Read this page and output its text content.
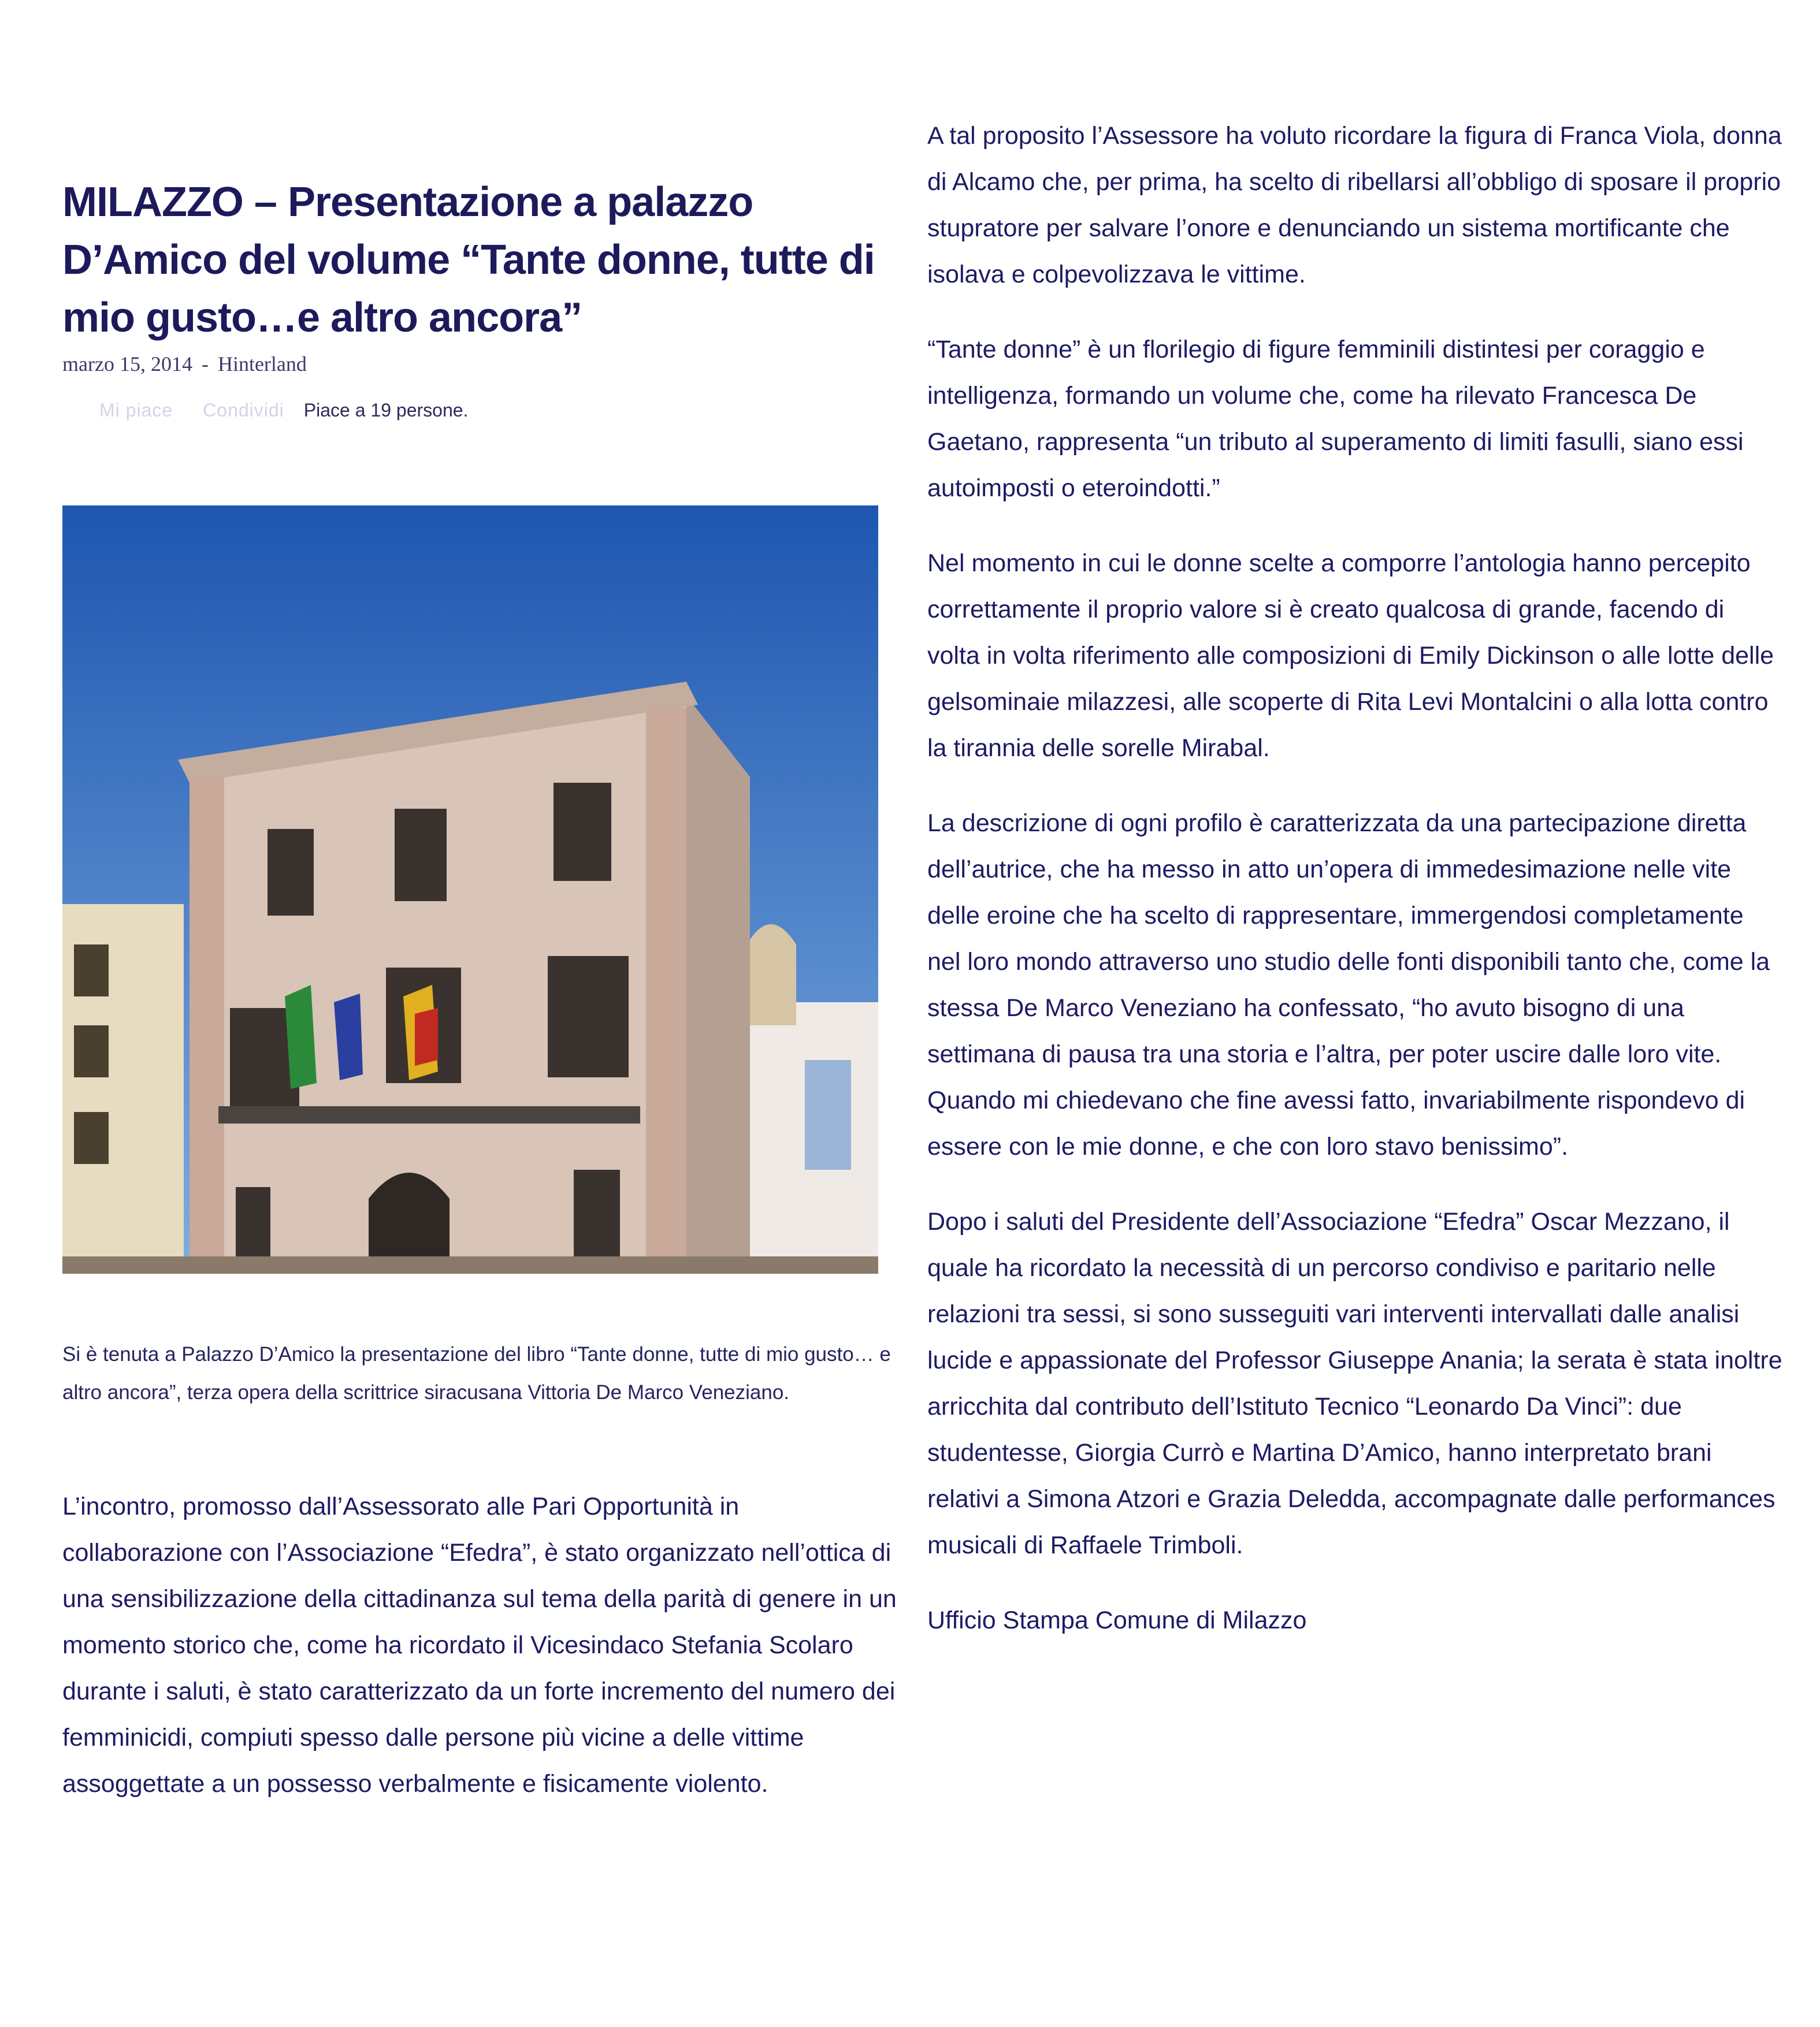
MILAZZO – Presentazione a palazzo D’Amico del volume “Tante donne, tutte di mio gusto…e altro ancora”
marzo 15, 2014 - Hinterland
Mi piace Condividi Piace a 19 persone.

Si è tenuta a Palazzo D’Amico la presentazione del libro “Tante donne, tutte di mio gusto… e altro ancora”, terza opera della scrittrice siracusana Vittoria De Marco Veneziano.

L’incontro, promosso dall’Assessorato alle Pari Opportunità in collaborazione con l’Associazione “Efedra”, è stato organizzato nell’ottica di una sensibilizzazione della cittadinanza sul tema della parità di genere in un momento storico che, come ha ricordato il Vicesindaco Stefania Scolaro durante i saluti, è stato caratterizzato da un forte incremento del numero dei femminicidi, compiuti spesso dalle persone più vicine a delle vittime assoggettate a un possesso verbalmente e fisicamente violento.

A tal proposito l’Assessore ha voluto ricordare la figura di Franca Viola, donna di Alcamo che, per prima, ha scelto di ribellarsi all’obbligo di sposare il proprio stupratore per salvare l’onore e denunciando un sistema mortificante che isolava e colpevolizzava le vittime.

“Tante donne” è un florilegio di figure femminili distintesi per coraggio e intelligenza, formando un volume che, come ha rilevato Francesca De Gaetano, rappresenta “un tributo al superamento di limiti fasulli, siano essi autoimposti o eteroindotti.”

Nel momento in cui le donne scelte a comporre l’antologia hanno percepito correttamente il proprio valore si è creato qualcosa di grande, facendo di volta in volta riferimento alle composizioni di Emily Dickinson o alle lotte delle gelsominaie milazzesi, alle scoperte di Rita Levi Montalcini o alla lotta contro la tirannia delle sorelle Mirabal.

La descrizione di ogni profilo è caratterizzata da una partecipazione diretta dell’autrice, che ha messo in atto un’opera di immedesimazione nelle vite delle eroine che ha scelto di rappresentare, immergendosi completamente nel loro mondo attraverso uno studio delle fonti disponibili tanto che, come la stessa De Marco Veneziano ha confessato, “ho avuto bisogno di una settimana di pausa tra una storia e l’altra, per poter uscire dalle loro vite. Quando mi chiedevano che fine avessi fatto, invariabilmente rispondevo di essere con le mie donne, e che con loro stavo benissimo”.

Dopo i saluti del Presidente dell’Associazione “Efedra” Oscar Mezzano, il quale ha ricordato la necessità di un percorso condiviso e paritario nelle relazioni tra sessi, si sono susseguiti vari interventi intervallati dalle analisi lucide e appassionate del Professor Giuseppe Anania; la serata è stata inoltre arricchita dal contributo dell’Istituto Tecnico “Leonardo Da Vinci”: due studentesse, Giorgia Currò e Martina D’Amico, hanno interpretato brani relativi a Simona Atzori e Grazia Deledda, accompagnate dalle performances musicali di Raffaele Trimboli.

Ufficio Stampa Comune di Milazzo
